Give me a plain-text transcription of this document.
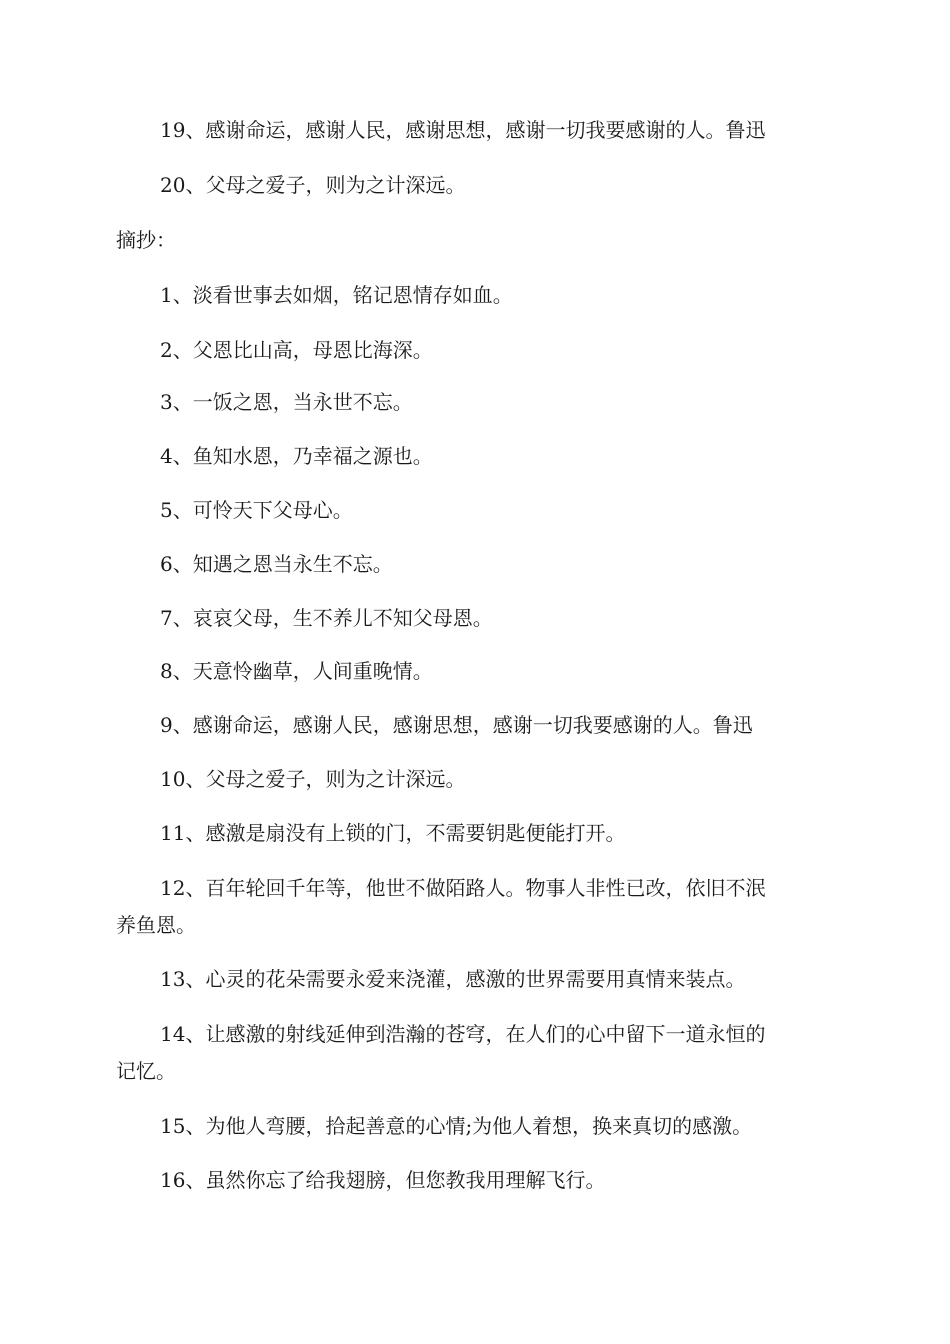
19、感谢命运，感谢人民，感谢思想，感谢一切我要感谢的人。鲁迅
20、父母之爱子，则为之计深远。
摘抄：
1、淡看世事去如烟，铭记恩情存如血。
2、父恩比山高，母恩比海深。
3、一饭之恩，当永世不忘。
4、鱼知水恩，乃幸福之源也。
5、可怜天下父母心。
6、知遇之恩当永生不忘。
7、哀哀父母，生不养儿不知父母恩。
8、天意怜幽草，人间重晚情。
9、感谢命运，感谢人民，感谢思想，感谢一切我要感谢的人。鲁迅
10、父母之爱子，则为之计深远。
11、感激是扇没有上锁的门，不需要钥匙便能打开。
12、百年轮回千年等，他世不做陌路人。物事人非性已改，依旧不泯
养鱼恩。
13、心灵的花朵需要永爱来浇灌，感激的世界需要用真情来装点。
14、让感激的射线延伸到浩瀚的苍穹，在人们的心中留下一道永恒的
记忆。
15、为他人弯腰，拾起善意的心情;为他人着想，换来真切的感激。
16、虽然你忘了给我翅膀，但您教我用理解飞行。
